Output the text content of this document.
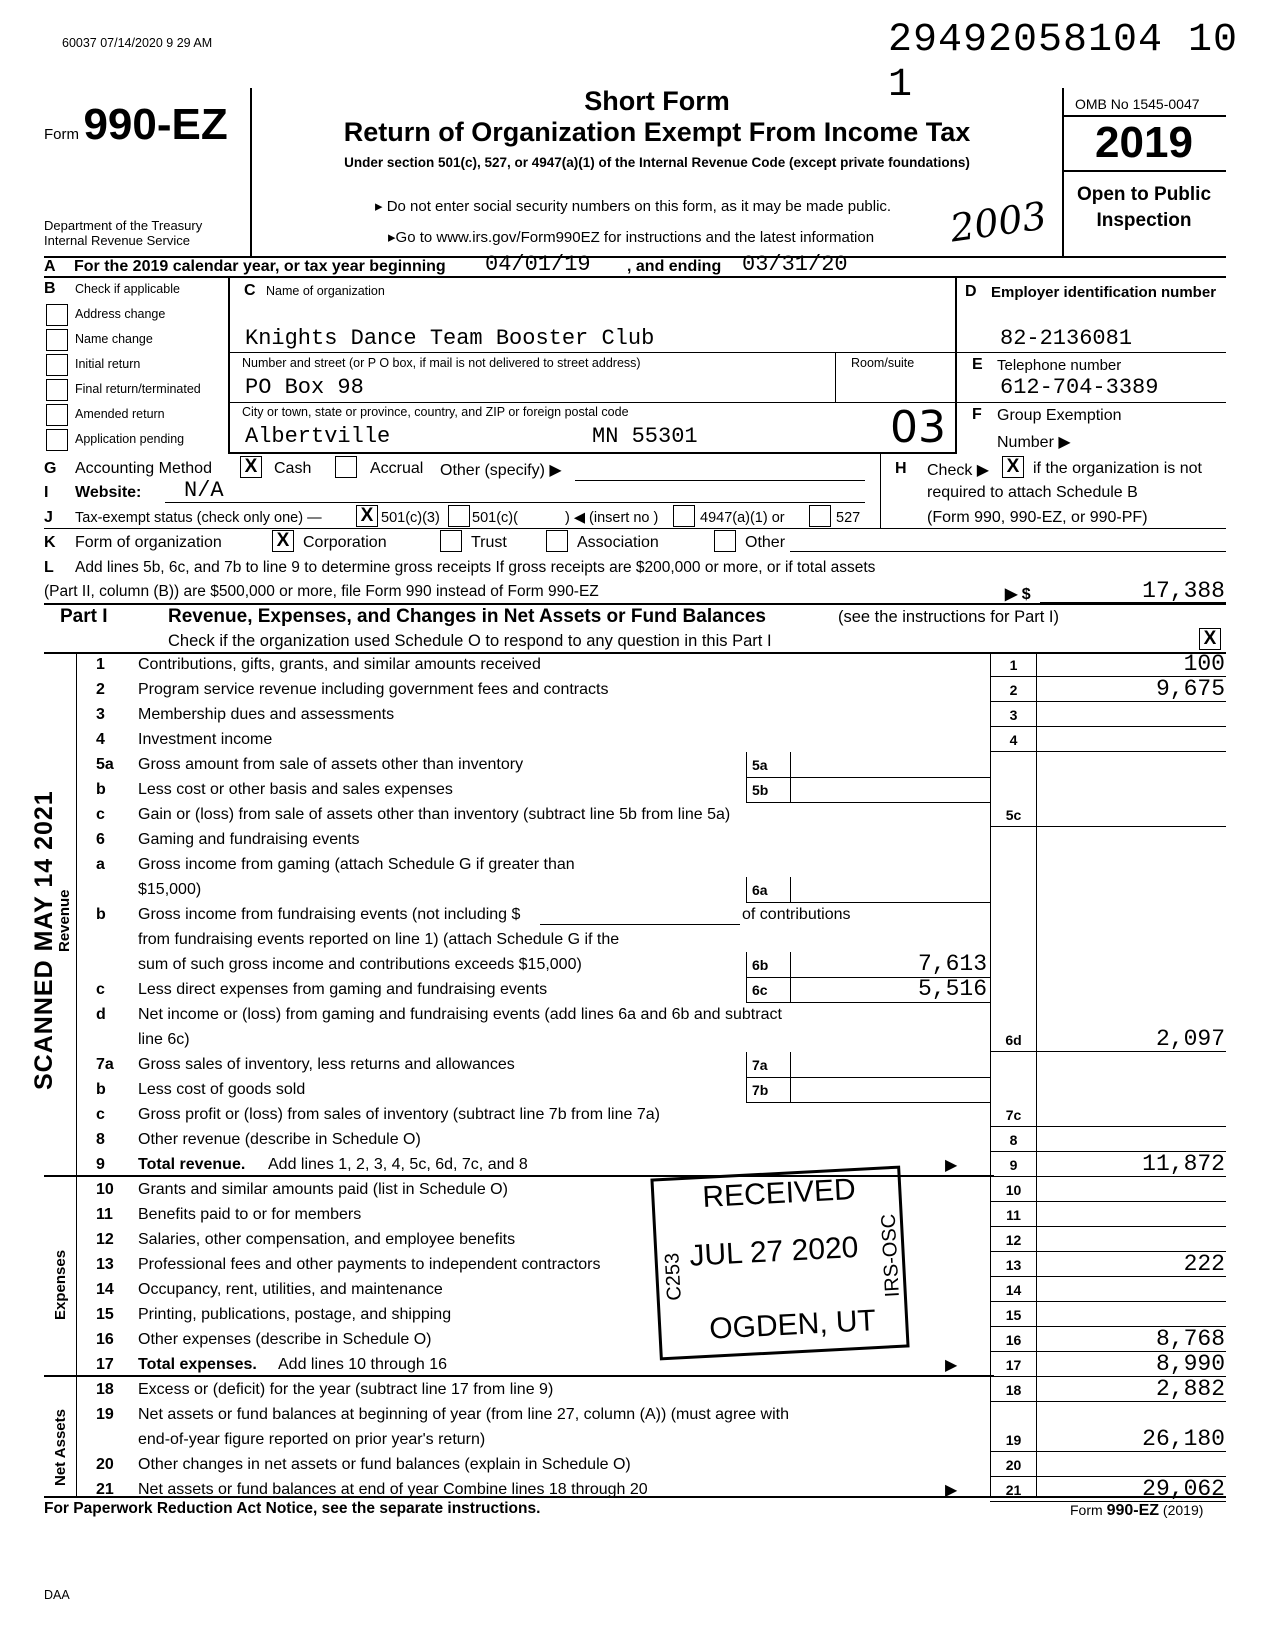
60037 07/14/2020 9 29 AM	29492058104 10 1
Form 990-EZ
Department of the Treasury
Internal Revenue Service
Short Form
Return of Organization Exempt From Income Tax
Under section 501(c), 527, or 4947(a)(1) of the Internal Revenue Code (except private foundations)
▸ Do not enter social security numbers on this form, as it may be made public.
▸Go to www.irs.gov/Form990EZ for instructions and the latest information 2003
OMB No 1545-0047
2019
Open to Public
Inspection
A For the 2019 calendar year, or tax year beginning 04/01/19 , and ending 03/31/20
B Check if applicable
Address change
Name change
Initial return
Final return/terminated
Amended return
Application pending
C Name of organization
Knights Dance Team Booster Club
Number and street (or P O box, if mail is not delivered to street address)	Room/suite
PO Box 98
City or town, state or province, country, and ZIP or foreign postal code
Albertville	MN 55301	03
D Employer identification number
82-2136081
E Telephone number
612-704-3389
F Group Exemption
Number ▶
G Accounting Method X Cash	Accrual Other (specify) ▶	H Check ▶ X if the organization is not
required to attach Schedule B
(Form 990, 990-EZ, or 990-PF)
I Website: N/A
J Tax-exempt status (check only one) — X 501(c)(3) 501(c)(	) ◀ (insert no )	4947(a)(1) or	527
K Form of organization	X Corporation	Trust	Association	Other
L Add lines 5b, 6c, and 7b to line 9 to determine gross receipts If gross receipts are $200,000 or more, or if total assets
(Part II, column (B)) are $500,000 or more, file Form 990 instead of Form 990-EZ	▶ $	17,388
Part I	Revenue, Expenses, and Changes in Net Assets or Fund Balances	(see the instructions for Part I)
Check if the organization used Schedule O to respond to any question in this Part I	X
1 Contributions, gifts, grants, and similar amounts received	1	100
2 Program service revenue including government fees and contracts	2	9,675
3 Membership dues and assessments	3
4 Investment income	4
5a Gross amount from sale of assets other than inventory	5a
b Less cost or other basis and sales expenses	5b
c Gain or (loss) from sale of assets other than inventory (subtract line 5b from line 5a)	5c
6 Gaming and fundraising events
a Gross income from gaming (attach Schedule G if greater than
$15,000)	6a
b Gross income from fundraising events (not including $	of contributions
from fundraising events reported on line 1) (attach Schedule G if the
sum of such gross income and contributions exceeds $15,000)	6b	7,613
c Less direct expenses from gaming and fundraising events	6c	5,516
d Net income or (loss) from gaming and fundraising events (add lines 6a and 6b and subtract
line 6c)	6d	2,097
7a Gross sales of inventory, less returns and allowances	7a
b Less cost of goods sold	7b
c Gross profit or (loss) from sales of inventory (subtract line 7b from line 7a)	7c
8 Other revenue (describe in Schedule O)	8
9 Total revenue. Add lines 1, 2, 3, 4, 5c, 6d, 7c, and 8	▶	9	11,872
10 Grants and similar amounts paid (list in Schedule O)	10
11 Benefits paid to or for members	11
12 Salaries, other compensation, and employee benefits	12
13 Professional fees and other payments to independent contractors	13	222
14 Occupancy, rent, utilities, and maintenance	14
15 Printing, publications, postage, and shipping	15
16 Other expenses (describe in Schedule O)	16	8,768
17 Total expenses. Add lines 10 through 16	▶	17	8,990
18 Excess or (deficit) for the year (subtract line 17 from line 9)	18	2,882
19 Net assets or fund balances at beginning of year (from line 27, column (A)) (must agree with
end-of-year figure reported on prior year's return)	19	26,180
20 Other changes in net assets or fund balances (explain in Schedule O)	20
21 Net assets or fund balances at end of year Combine lines 18 through 20	▶	21	29,062
Revenue
Expenses
Net Assets
SCANNED MAY 14 2021
RECEIVED
JUL 27 2020
OGDEN, UT
C253	IRS-OSC
For Paperwork Reduction Act Notice, see the separate instructions.	Form 990-EZ (2019)
DAA
